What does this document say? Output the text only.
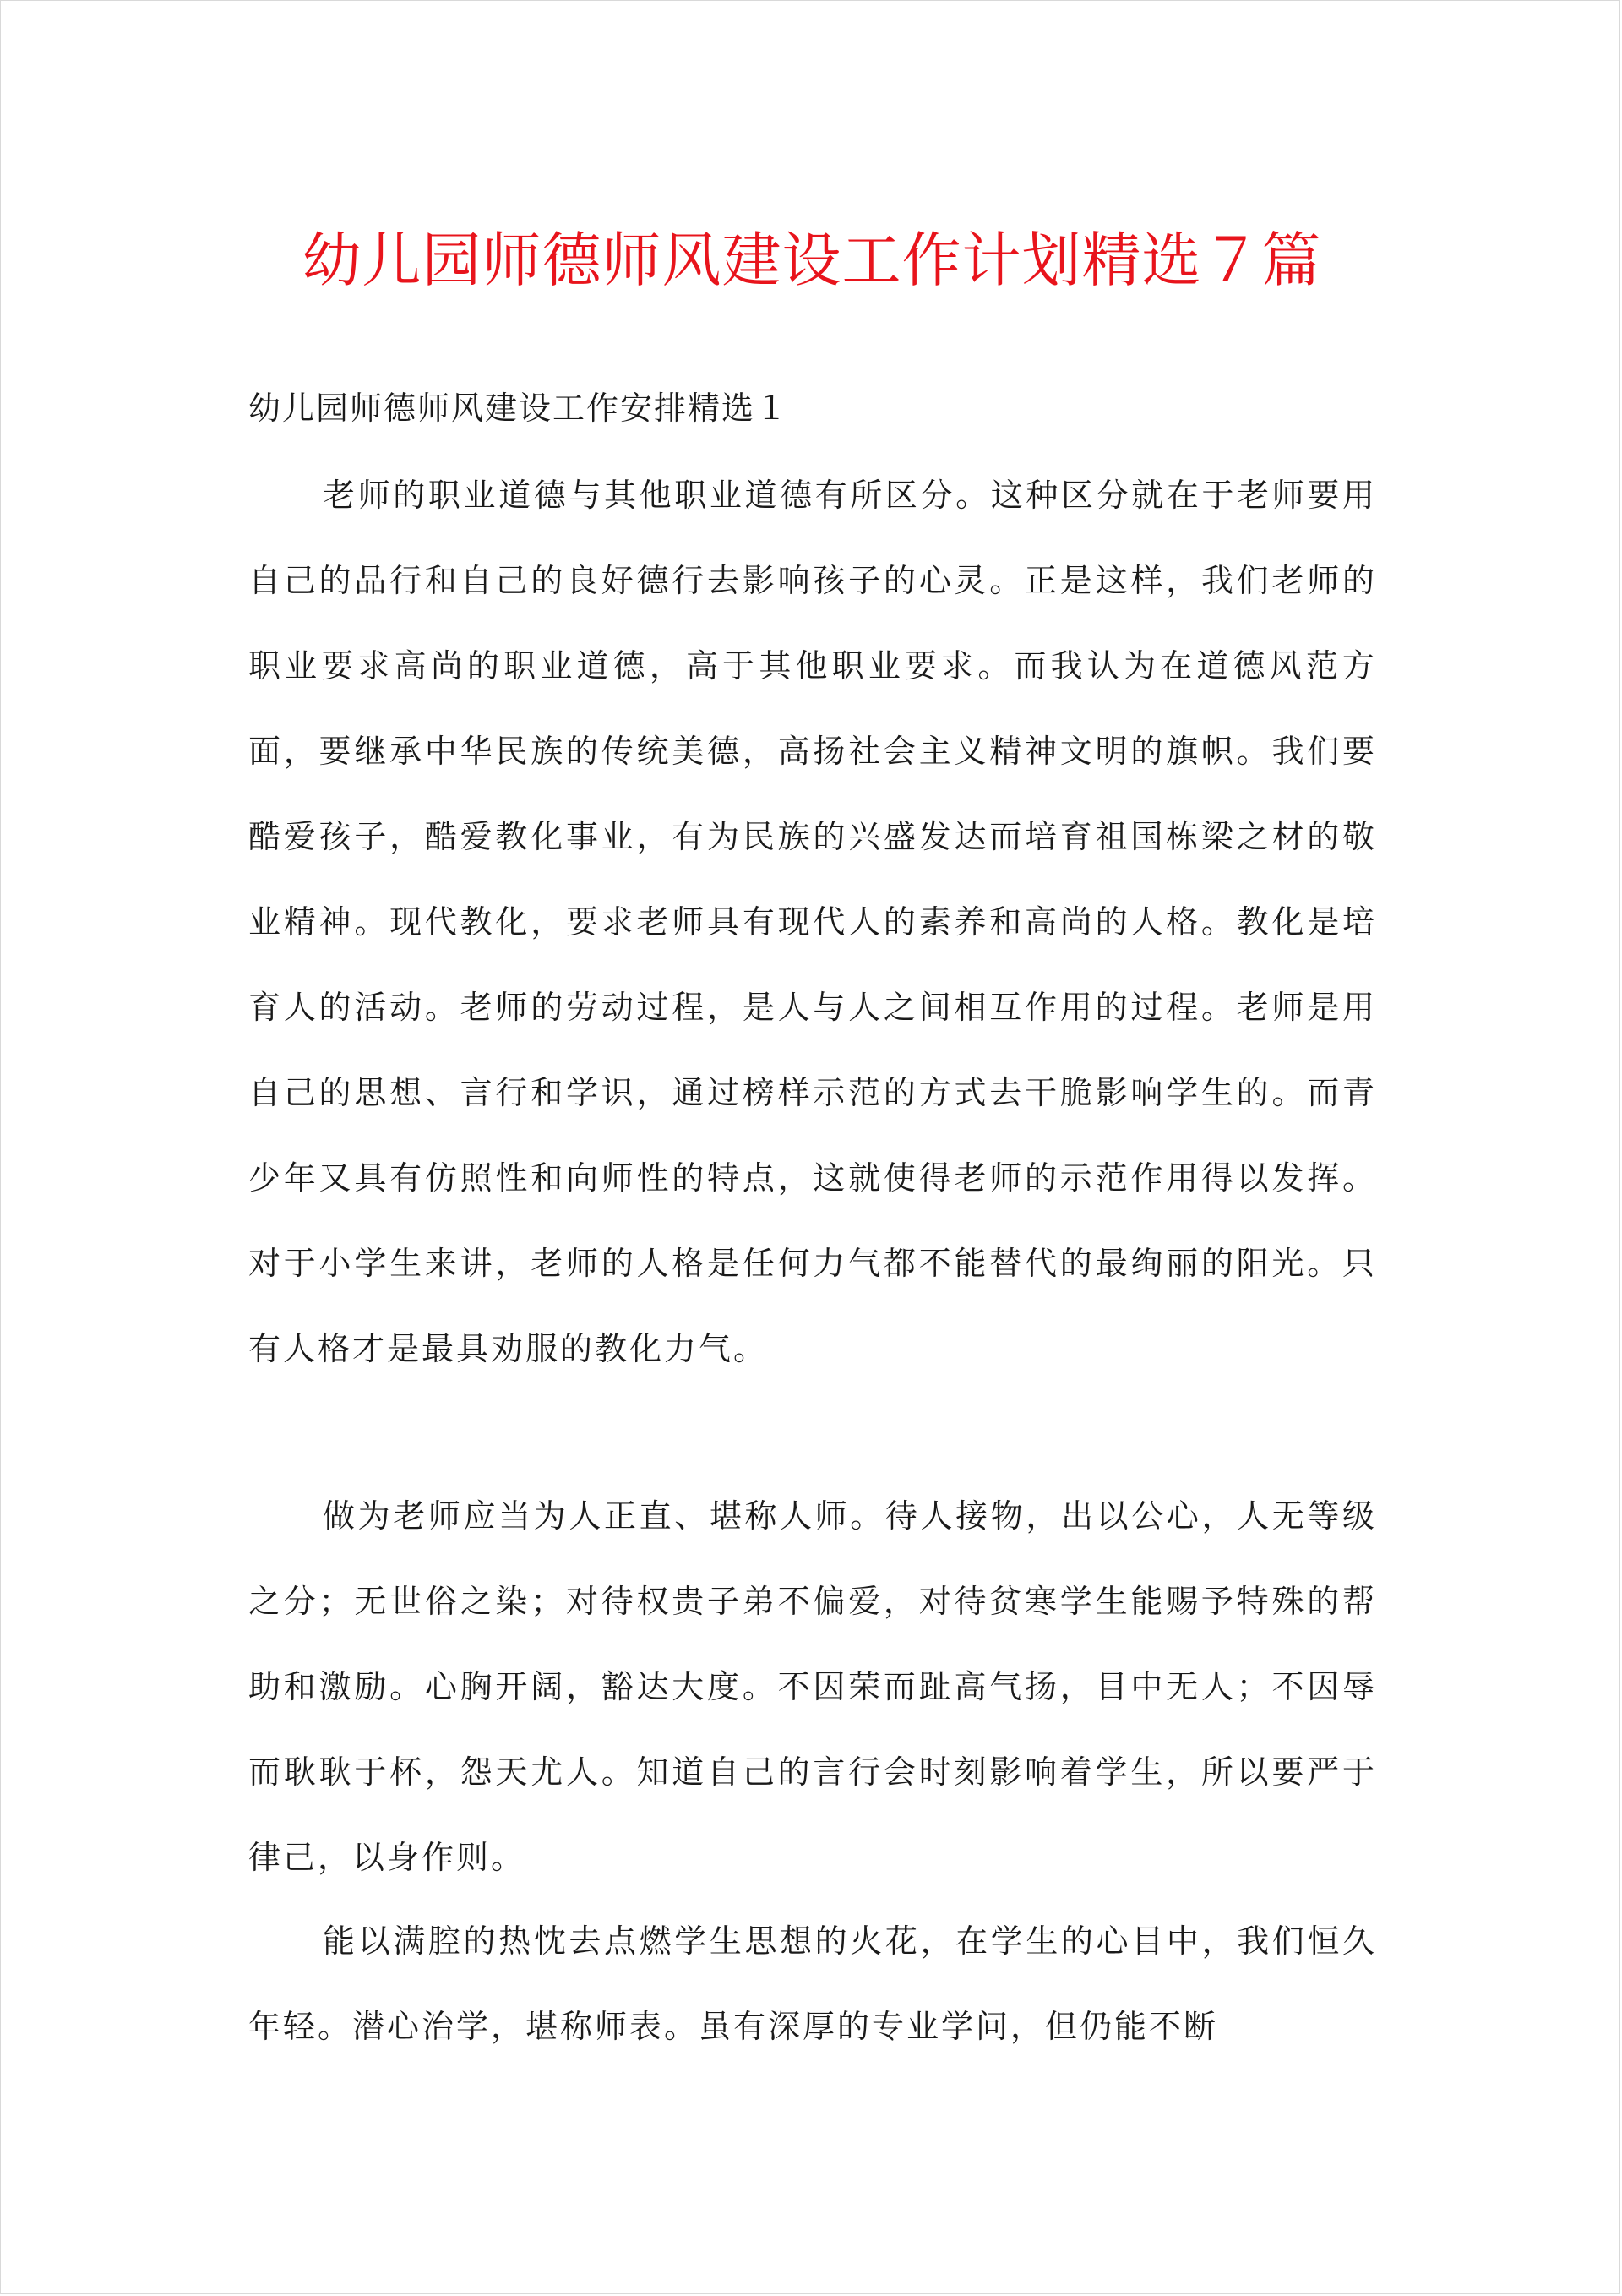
幼儿园师德师风建设工作计划精选７篇

幼儿园师德师风建设工作安排精选１

老师的职业道德与其他职业道德有所区分。这种区分就在于老师要用自己的品行和自己的良好德行去影响孩子的心灵。正是这样，我们老师的职业要求高尚的职业道德，高于其他职业要求。而我认为在道德风范方面，要继承中华民族的传统美德，高扬社会主义精神文明的旗帜。我们要酷爱孩子，酷爱教化事业，有为民族的兴盛发达而培育祖国栋梁之材的敬业精神。现代教化，要求老师具有现代人的素养和高尚的人格。教化是培育人的活动。老师的劳动过程，是人与人之间相互作用的过程。老师是用自己的思想、言行和学识，通过榜样示范的方式去干脆影响学生的。而青少年又具有仿照性和向师性的特点，这就使得老师的示范作用得以发挥。对于小学生来讲，老师的人格是任何力气都不能替代的最绚丽的阳光。只有人格才是最具劝服的教化力气。

做为老师应当为人正直、堪称人师。待人接物，出以公心，人无等级之分；无世俗之染；对待权贵子弟不偏爱，对待贫寒学生能赐予特殊的帮助和激励。心胸开阔，豁达大度。不因荣而趾高气扬，目中无人；不因辱而耿耿于杯，怨天尤人。知道自己的言行会时刻影响着学生，所以要严于律己，以身作则。

能以满腔的热忱去点燃学生思想的火花，在学生的心目中，我们恒久年轻。潜心治学，堪称师表。虽有深厚的专业学问，但仍能不断
